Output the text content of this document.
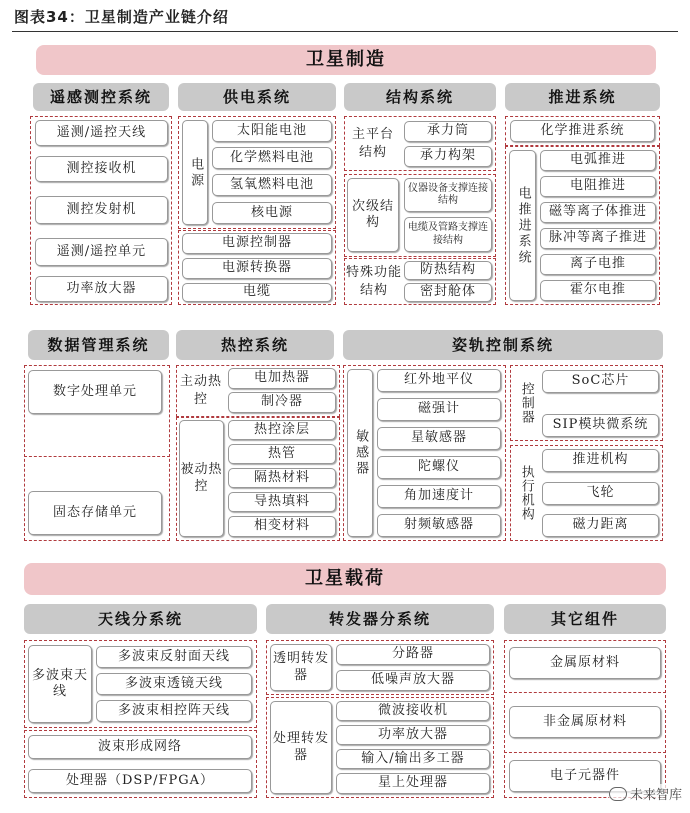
图表34：卫星制造产业链介绍
卫星制造
遥感测控系统	供电系统	结构系统	推进系统
遥测/遥控天线
测控接收机
测控发射机
遥测/遥控单元
功率放大器
电源
太阳能电池
化学燃料电池
氢氧燃料电池
核电源
电源控制器
电源转换器
电缆
主平台结构
承力筒
承力构架
次级结构
仪器设备支撑连接结构
电缆及管路支撑连接结构
特殊功能结构
防热结构
密封舱体
化学推进系统
电推进系统
电弧推进
电阻推进
磁等离子体推进
脉冲等离子推进
离子电推
霍尔电推
数据管理系统	热控系统	姿轨控制系统
数字处理单元
固态存储单元
主动热控
电加热器
制冷器
被动热控
热控涂层
热管
隔热材料
导热填料
相变材料
敏感器
红外地平仪
磁强计
星敏感器
陀螺仪
角加速度计
射频敏感器
控制器
SoC芯片
SIP模块微系统
执行机构
推进机构
飞轮
磁力距离
卫星载荷
天线分系统	转发器分系统	其它组件
多波束天线
多波束反射面天线
多波束透镜天线
多波束相控阵天线
波束形成网络
处理器（DSP/FPGA）
透明转发器
分路器
低噪声放大器
处理转发器
微波接收机
功率放大器
输入/输出多工器
星上处理器
金属原材料
非金属原材料
电子元器件
未来智库
